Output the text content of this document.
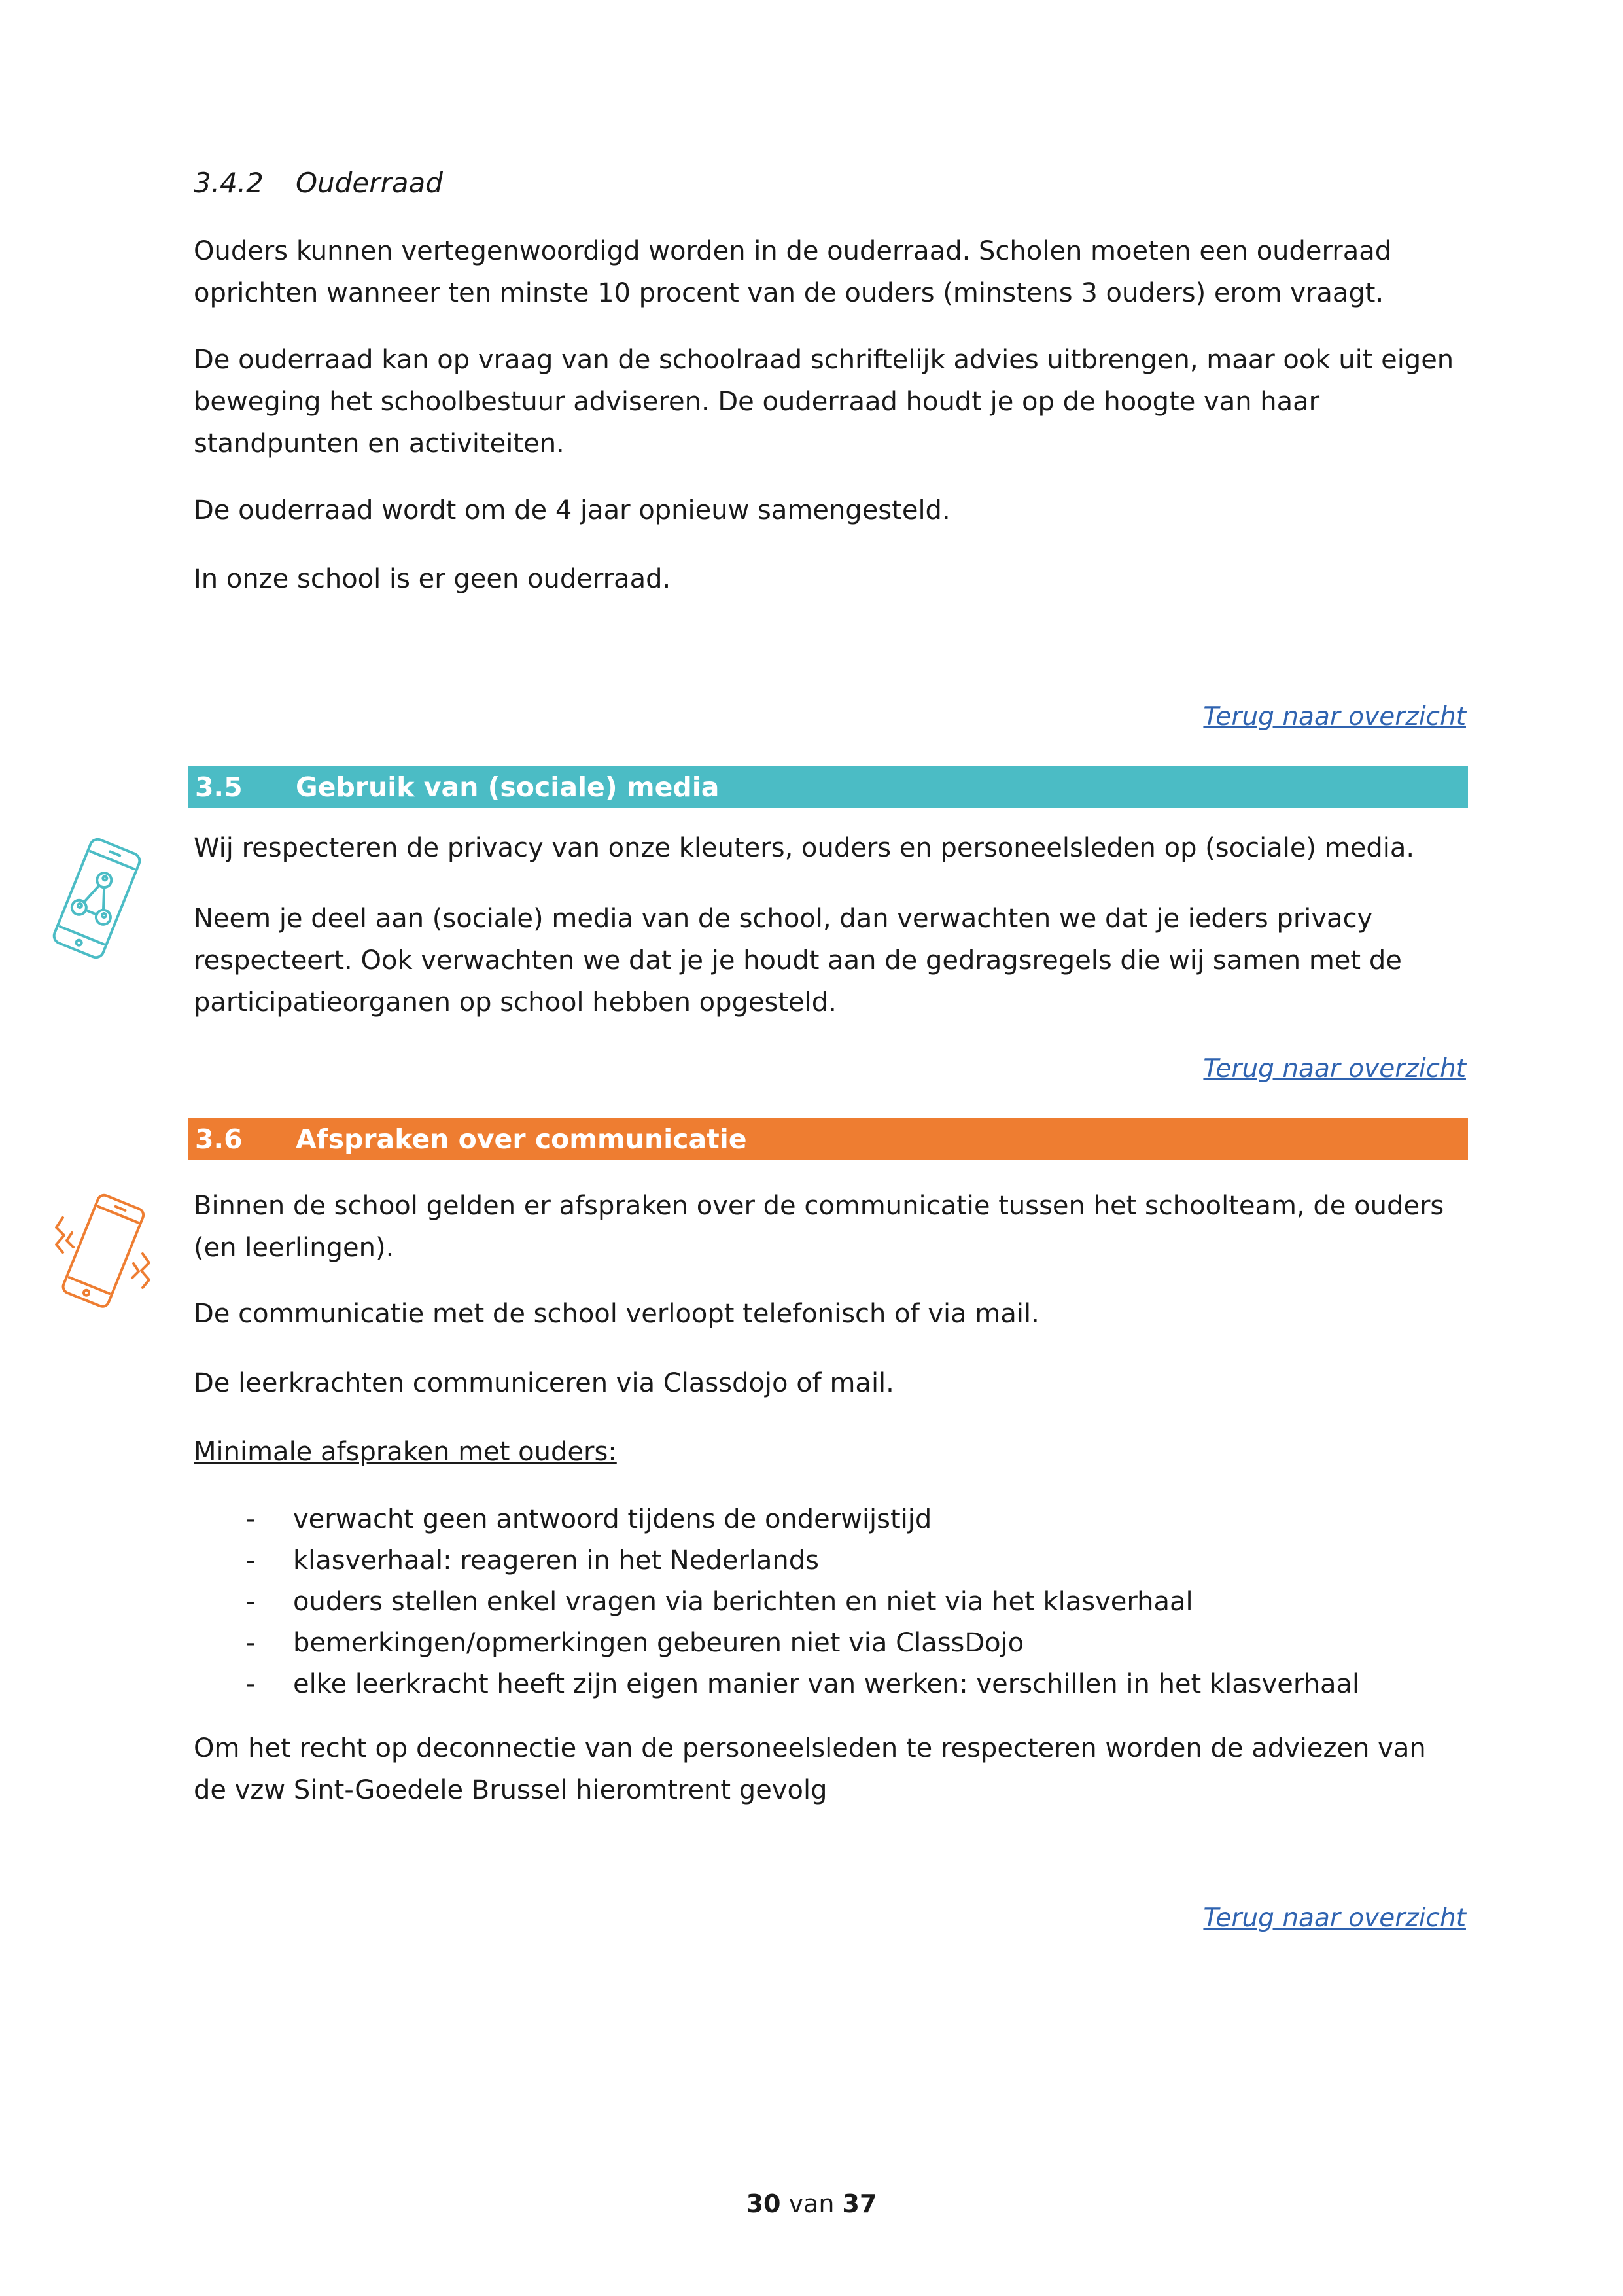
3.4.2 Ouderraad

Ouders kunnen vertegenwoordigd worden in de ouderraad. Scholen moeten een ouderraad oprichten wanneer ten minste 10 procent van de ouders (minstens 3 ouders) erom vraagt.

De ouderraad kan op vraag van de schoolraad schriftelijk advies uitbrengen, maar ook uit eigen beweging het schoolbestuur adviseren. De ouderraad houdt je op de hoogte van haar standpunten en activiteiten.

De ouderraad wordt om de 4 jaar opnieuw samengesteld.

In onze school is er geen ouderraad.

Terug naar overzicht
3.5 Gebruik van (sociale) media

Wij respecteren de privacy van onze kleuters, ouders en personeelsleden op (sociale) media.

Neem je deel aan (sociale) media van de school, dan verwachten we dat je ieders privacy respecteert. Ook verwachten we dat je je houdt aan de gedragsregels die wij samen met de participatieorganen op school hebben opgesteld.

Terug naar overzicht
3.6 Afspraken over communicatie

Binnen de school gelden er afspraken over de communicatie tussen het schoolteam, de ouders (en leerlingen).

De communicatie met de school verloopt telefonisch of via mail.

De leerkrachten communiceren via Classdojo of mail.

Minimale afspraken met ouders:

- verwacht geen antwoord tijdens de onderwijstijd
- klasverhaal: reageren in het Nederlands
- ouders stellen enkel vragen via berichten en niet via het klasverhaal
- bemerkingen/opmerkingen gebeuren niet via ClassDojo
- elke leerkracht heeft zijn eigen manier van werken: verschillen in het klasverhaal

Om het recht op deconnectie van de personeelsleden te respecteren worden de adviezen van de vzw Sint-Goedele Brussel hieromtrent gevolg

Terug naar overzicht
30 van 37
